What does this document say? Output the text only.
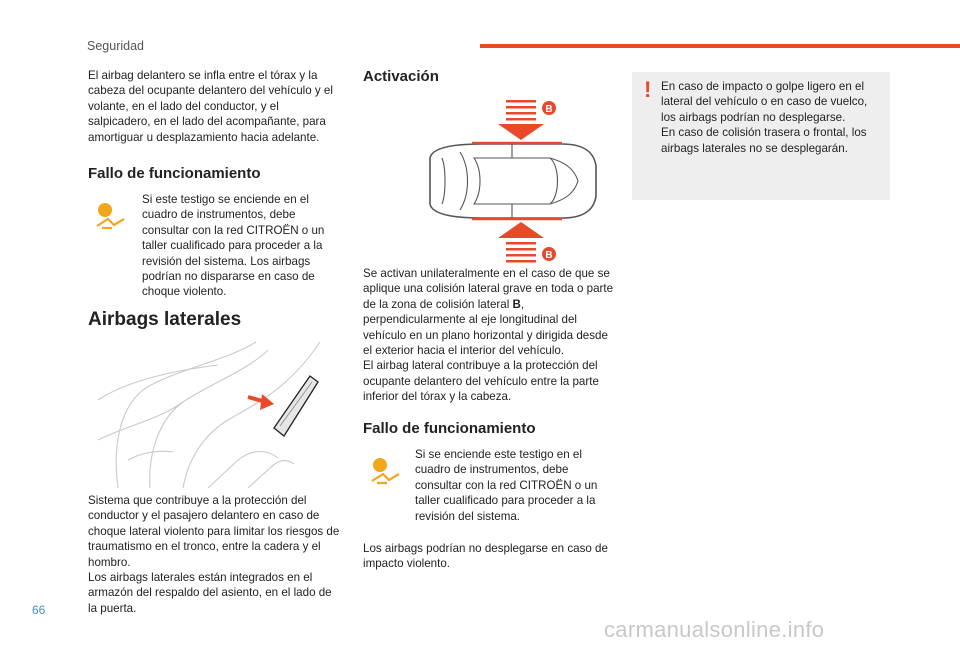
Seguridad
El airbag delantero se infla entre el tórax y la cabeza del ocupante delantero del vehículo y el volante, en el lado del conductor, y el salpicadero, en el lado del acompañante, para amortiguar u desplazamiento hacia adelante.
Fallo de funcionamiento
Si este testigo se enciende en el cuadro de instrumentos, debe consultar con la red CITROËN o un taller cualificado para proceder a la revisión del sistema. Los airbags podrían no dispararse en caso de choque violento.
Airbags laterales
Sistema que contribuye a la protección del conductor y el pasajero delantero en caso de choque lateral violento para limitar los riesgos de traumatismo en el tronco, entre la cadera y el hombro.
Los airbags laterales están integrados en el armazón del respaldo del asiento, en el lado de la puerta.
Activación
B
B
Se activan unilateralmente en el caso de que se aplique una colisión lateral grave en toda o parte de la zona de colisión lateral B, perpendicularmente al eje longitudinal del vehículo en un plano horizontal y dirigida desde el exterior hacia el interior del vehículo.
El airbag lateral contribuye a la protección del ocupante delantero del vehículo entre la parte inferior del tórax y la cabeza.
Fallo de funcionamiento
Si se enciende este testigo en el cuadro de instrumentos, debe consultar con la red CITROËN o un taller cualificado para proceder a la revisión del sistema.
Los airbags podrían no desplegarse en caso de impacto violento.
! En caso de impacto o golpe ligero en el lateral del vehículo o en caso de vuelco, los airbags podrían no desplegarse.
En caso de colisión trasera o frontal, los airbags laterales no se desplegarán.
66
carmanualsonline.info
